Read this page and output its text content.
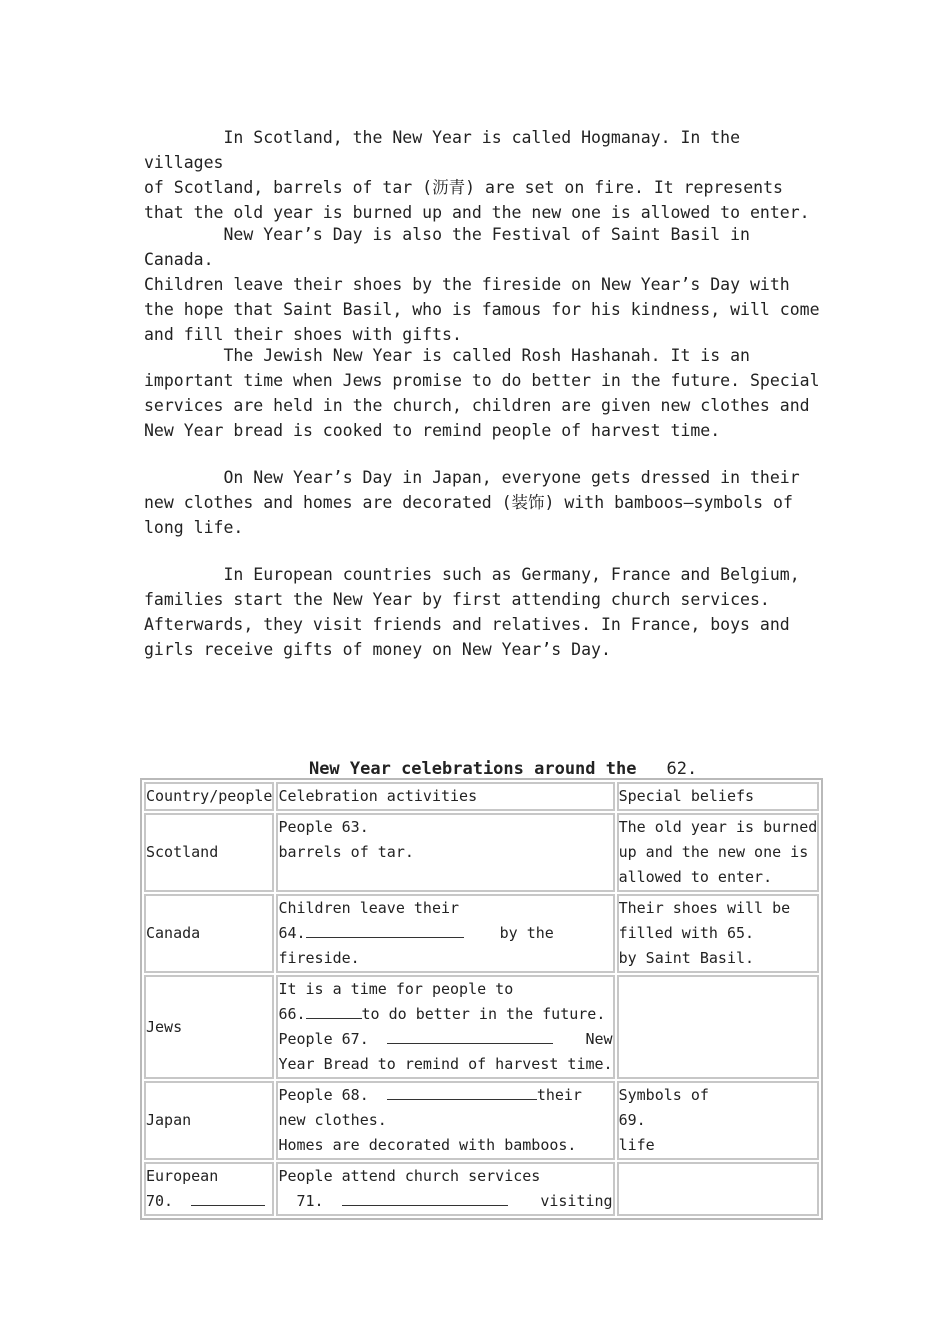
In Scotland, the New Year is called Hogmanay. In the villages
of Scotland, barrels of tar (沥青) are set on fire. It represents
that the old year is burned up and the new one is allowed to enter.

New Year’s Day is also the Festival of Saint Basil in Canada.
Children leave their shoes by the fireside on New Year’s Day with
the hope that Saint Basil, who is famous for his kindness, will come
and fill their shoes with gifts.

The Jewish New Year is called Rosh Hashanah. It is an
important time when Jews promise to do better in the future. Special
services are held in the church, children are given new clothes and
New Year bread is cooked to remind people of harvest time.

On New Year’s Day in Japan, everyone gets dressed in their
new clothes and homes are decorated (装饰) with bamboos—symbols of
long life.

In European countries such as Germany, France and Belgium,
families start the New Year by first attending church services.
Afterwards, they visit friends and relatives. In France, boys and
girls receive gifts of money on New Year’s Day.

New Year celebrations around the 62.

Country/people	Celebration activities	Special beliefs
Scotland	People 63.
barrels of tar.	The old year is burned
up and the new one is
allowed to enter.

Canada	Children leave their
64. by the
fireside.	Their shoes will be
filled with 65.
by Saint Basil.

Jews	It is a time for people to
66. to do better in the future.
People 67. New
Year Bread to remind of harvest time.	

Japan	People 68. their
new clothes.
Homes are decorated with bamboos.	Symbols of
69.
life

European
70.	People attend church services
71. visiting	
